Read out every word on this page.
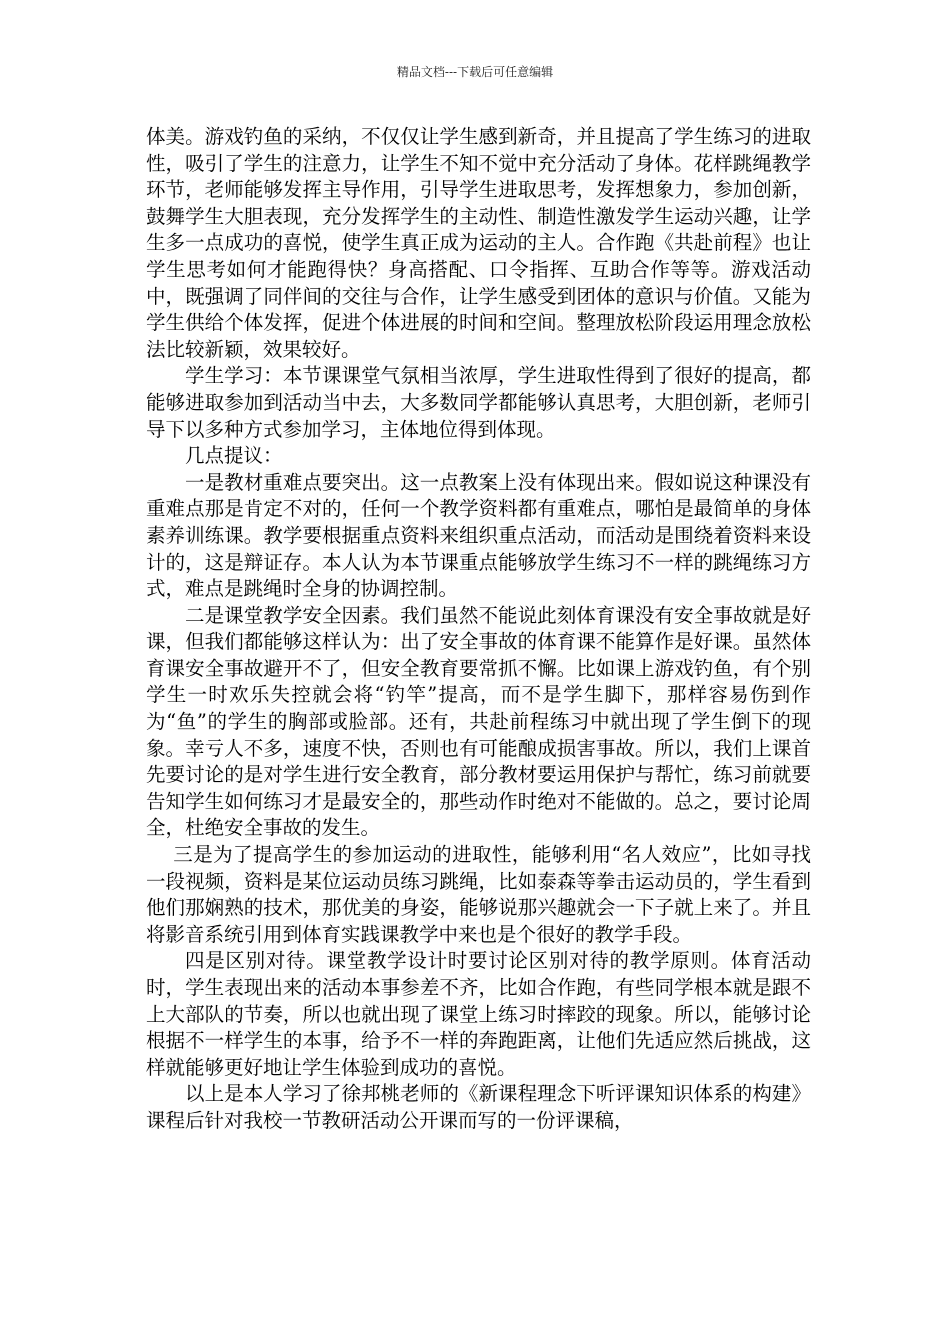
精品文档---下载后可任意编辑

体美。游戏钓鱼的采纳，不仅仅让学生感到新奇，并且提高了学生练习的进取性，吸引了学生的注意力，让学生不知不觉中充分活动了身体。花样跳绳教学环节，老师能够发挥主导作用，引导学生进取思考，发挥想象力，参加创新，鼓舞学生大胆表现，充分发挥学生的主动性、制造性激发学生运动兴趣，让学生多一点成功的喜悦，使学生真正成为运动的主人。合作跑《共赴前程》也让学生思考如何才能跑得快？身高搭配、口令指挥、互助合作等等。游戏活动中，既强调了同伴间的交往与合作，让学生感受到团体的意识与价值。又能为学生供给个体发挥，促进个体进展的时间和空间。整理放松阶段运用理念放松法比较新颖，效果较好。

学生学习：本节课课堂气氛相当浓厚，学生进取性得到了很好的提高，都能够进取参加到活动当中去，大多数同学都能够认真思考，大胆创新，老师引导下以多种方式参加学习，主体地位得到体现。

几点提议：

一是教材重难点要突出。这一点教案上没有体现出来。假如说这种课没有重难点那是肯定不对的，任何一个教学资料都有重难点，哪怕是最简单的身体素养训练课。教学要根据重点资料来组织重点活动，而活动是围绕着资料来设计的，这是辩证存。本人认为本节课重点能够放学生练习不一样的跳绳练习方式，难点是跳绳时全身的协调控制。

二是课堂教学安全因素。我们虽然不能说此刻体育课没有安全事故就是好课，但我们都能够这样认为：出了安全事故的体育课不能算作是好课。虽然体育课安全事故避开不了，但安全教育要常抓不懈。比如课上游戏钓鱼，有个别学生一时欢乐失控就会将“钓竿”提高，而不是学生脚下，那样容易伤到作为“鱼”的学生的胸部或脸部。还有，共赴前程练习中就出现了学生倒下的现象。幸亏人不多，速度不快，否则也有可能酿成损害事故。所以，我们上课首先要讨论的是对学生进行安全教育，部分教材要运用保护与帮忙，练习前就要告知学生如何练习才是最安全的，那些动作时绝对不能做的。总之，要讨论周全，杜绝安全事故的发生。

三是为了提高学生的参加运动的进取性，能够利用“名人效应”，比如寻找一段视频，资料是某位运动员练习跳绳，比如泰森等拳击运动员的，学生看到他们那娴熟的技术，那优美的身姿，能够说那兴趣就会一下子就上来了。并且将影音系统引用到体育实践课教学中来也是个很好的教学手段。

四是区别对待。课堂教学设计时要讨论区别对待的教学原则。体育活动时，学生表现出来的活动本事参差不齐，比如合作跑，有些同学根本就是跟不上大部队的节奏，所以也就出现了课堂上练习时摔跤的现象。所以，能够讨论根据不一样学生的本事，给予不一样的奔跑距离，让他们先适应然后挑战，这样就能够更好地让学生体验到成功的喜悦。

以上是本人学习了徐邦桃老师的《新课程理念下听评课知识体系的构建》课程后针对我校一节教研活动公开课而写的一份评课稿，
